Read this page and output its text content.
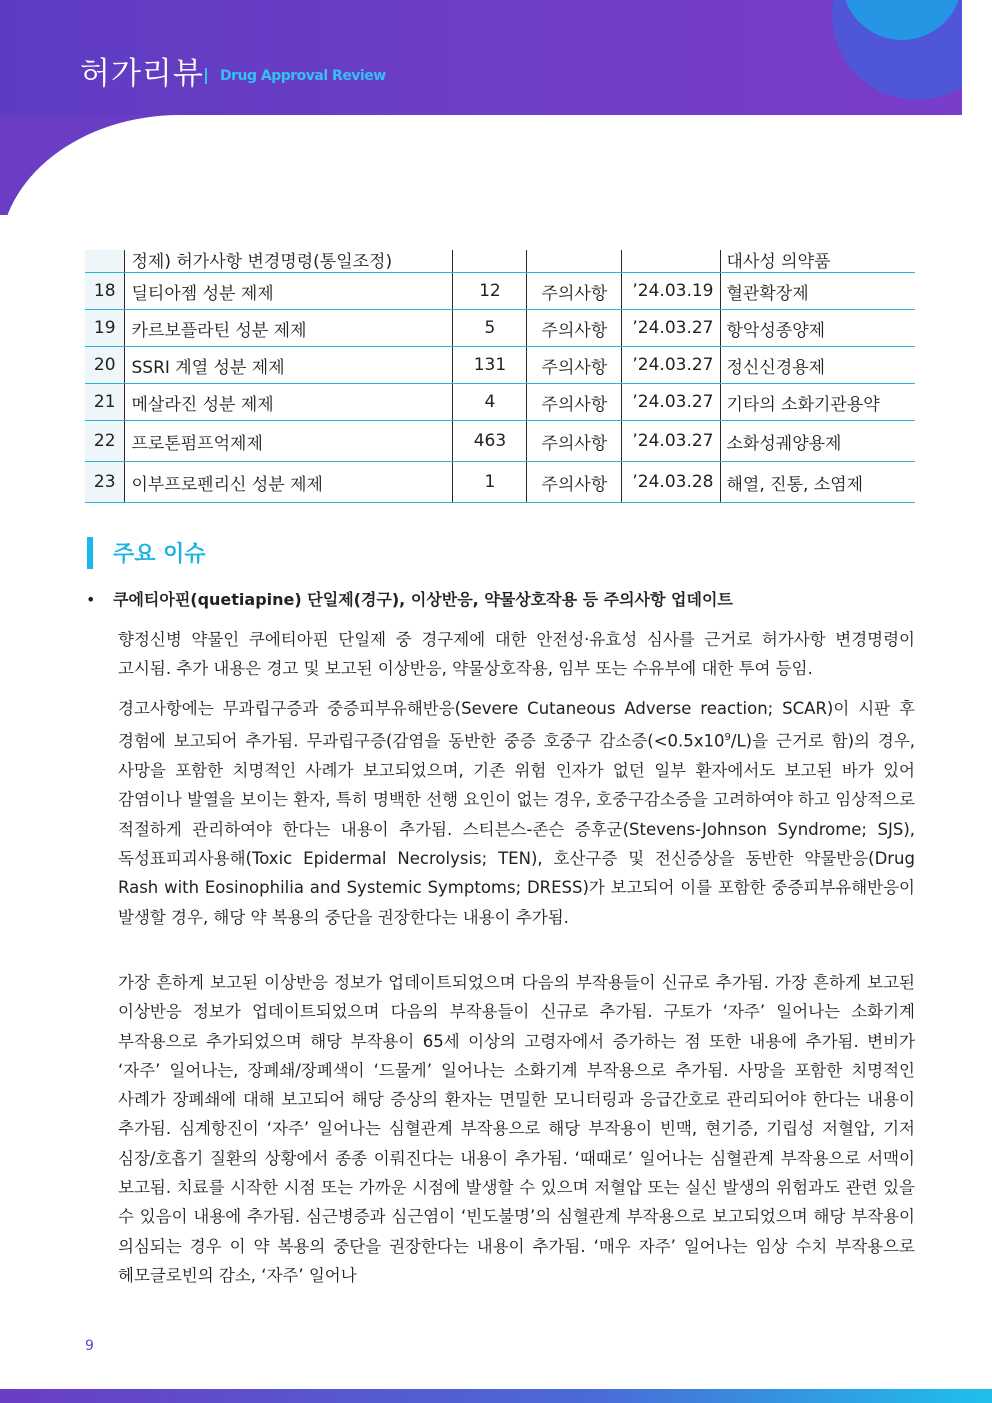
허가리뷰 Drug Approval Review
	정제) 허가사항 변경명령(통일조정)				대사성 의약품
18	딜티아젬 성분 제제	12	주의사항	’24.03.19	혈관확장제
19	카르보플라틴 성분 제제	5	주의사항	’24.03.27	항악성종양제
20	SSRI 계열 성분 제제	131	주의사항	’24.03.27	정신신경용제
21	메살라진 성분 제제	4	주의사항	’24.03.27	기타의 소화기관용약
22	프로톤펌프억제제	463	주의사항	’24.03.27	소화성궤양용제
23	이부프로펜리신 성분 제제	1	주의사항	’24.03.28	해열, 진통, 소염제
주요 이슈
• 쿠에티아핀(quetiapine) 단일제(경구), 이상반응, 약물상호작용 등 주의사항 업데이트
향정신병 약물인 쿠에티아핀 단일제 중 경구제에 대한 안전성·유효성 심사를 근거로 허가사항 변경명령이 고시됨. 추가 내용은 경고 및 보고된 이상반응, 약물상호작용, 임부 또는 수유부에 대한 투여 등임.
경고사항에는 무과립구증과 중증피부유해반응(Severe Cutaneous Adverse reaction; SCAR)이 시판 후 경험에 보고되어 추가됨. 무과립구증(감염을 동반한 중증 호중구 감소증$(<0.5x10^9/L)$을 근거로 함)의 경우, 사망을 포함한 치명적인 사례가 보고되었으며, 기존 위험 인자가 없던 일부 환자에서도 보고된 바가 있어 감염이나 발열을 보이는 환자, 특히 명백한 선행 요인이 없는 경우, 호중구감소증을 고려하여야 하고 임상적으로 적절하게 관리하여야 한다는 내용이 추가됨. 스티븐스-존슨 증후군(Stevens-Johnson Syndrome; SJS), 독성표피괴사용해(Toxic Epidermal Necrolysis; TEN), 호산구증 및 전신증상을 동반한 약물반응(Drug Rash with Eosinophilia and Systemic Symptoms; DRESS)가 보고되어 이를 포함한 중증피부유해반응이 발생할 경우, 해당 약 복용의 중단을 권장한다는 내용이 추가됨.
가장 흔하게 보고된 이상반응 정보가 업데이트되었으며 다음의 부작용들이 신규로 추가됨. 가장 흔하게 보고된 이상반응 정보가 업데이트되었으며 다음의 부작용들이 신규로 추가됨. 구토가 ‘자주’ 일어나는 소화기계 부작용으로 추가되었으며 해당 부작용이 65세 이상의 고령자에서 증가하는 점 또한 내용에 추가됨. 변비가 ‘자주’ 일어나는, 장폐쇄/장폐색이 ‘드물게’ 일어나는 소화기계 부작용으로 추가됨. 사망을 포함한 치명적인 사례가 장폐쇄에 대해 보고되어 해당 증상의 환자는 면밀한 모니터링과 응급간호로 관리되어야 한다는 내용이 추가됨. 심계항진이 ‘자주’ 일어나는 심혈관계 부작용으로 해당 부작용이 빈맥, 현기증, 기립성 저혈압, 기저 심장/호흡기 질환의 상황에서 종종 이뤄진다는 내용이 추가됨. ‘때때로’ 일어나는 심혈관계 부작용으로 서맥이 보고됨. 치료를 시작한 시점 또는 가까운 시점에 발생할 수 있으며 저혈압 또는 실신 발생의 위험과도 관련 있을 수 있음이 내용에 추가됨. 심근병증과 심근염이 ‘빈도불명’의 심혈관계 부작용으로 보고되었으며 해당 부작용이 의심되는 경우 이 약 복용의 중단을 권장한다는 내용이 추가됨. ‘매우 자주’ 일어나는 임상 수치 부작용으로 헤모글로빈의 감소, ‘자주’ 일어나
9
